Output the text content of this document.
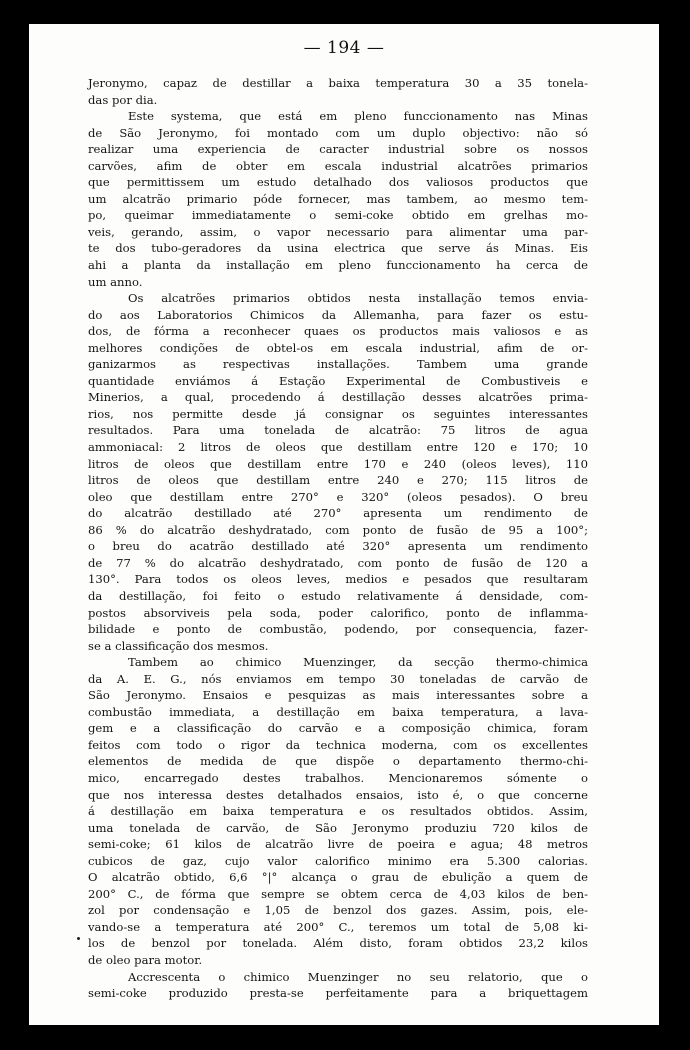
— 194 —
Jeronymo, capaz de destillar a baixa temperatura 30 a 35 tonela-
das por dia.
Este systema, que está em pleno funccionamento nas Minas
de São Jeronymo, foi montado com um duplo objectivo: não só
realizar uma experiencia de caracter industrial sobre os nossos
carvões, afim de obter em escala industrial alcatrões primarios
que permittissem um estudo detalhado dos valiosos productos que
um alcatrão primario póde fornecer, mas tambem, ao mesmo tem-
po, queimar immediatamente o semi-coke obtido em grelhas mo-
veis, gerando, assim, o vapor necessario para alimentar uma par-
te dos tubo-geradores da usina electrica que serve ás Minas. Eis
ahi a planta da installação em pleno funccionamento ha cerca de
um anno.
Os alcatrões primarios obtidos nesta installação temos envia-
do aos Laboratorios Chimicos da Allemanha, para fazer os estu-
dos, de fórma a reconhecer quaes os productos mais valiosos e as
melhores condições de obtel-os em escala industrial, afim de or-
ganizarmos as respectivas installações. Tambem uma grande
quantidade enviámos á Estação Experimental de Combustiveis e
Minerios, a qual, procedendo á destillação desses alcatrões prima-
rios, nos permitte desde já consignar os seguintes interessantes
resultados. Para uma tonelada de alcatrão: 75 litros de agua
ammoniacal: 2 litros de oleos que destillam entre 120 e 170; 10
litros de oleos que destillam entre 170 e 240 (oleos leves), 110
litros de oleos que destillam entre 240 e 270; 115 litros de
oleo que destillam entre 270° e 320° (oleos pesados). O breu
do alcatrão destillado até 270° apresenta um rendimento de
86 % do alcatrão deshydratado, com ponto de fusão de 95 a 100°;
o breu do acatrão destillado até 320° apresenta um rendimento
de 77 % do alcatrão deshydratado, com ponto de fusão de 120 a
130°. Para todos os oleos leves, medios e pesados que resultaram
da destillação, foi feito o estudo relativamente á densidade, com-
postos absorviveis pela soda, poder calorifico, ponto de inflamma-
bilidade e ponto de combustão, podendo, por consequencia, fazer-
se a classificação dos mesmos.
Tambem ao chimico Muenzinger, da secção thermo-chimica
da A. E. G., nós enviamos em tempo 30 toneladas de carvão de
São Jeronymo. Ensaios e pesquizas as mais interessantes sobre a
combustão immediata, a destillação em baixa temperatura, a lava-
gem e a classificação do carvão e a composição chimica, foram
feitos com todo o rigor da technica moderna, com os excellentes
elementos de medida de que dispõe o departamento thermo-chi-
mico, encarregado destes trabalhos. Mencionaremos sómente o
que nos interessa destes detalhados ensaios, isto é, o que concerne
á destillação em baixa temperatura e os resultados obtidos. Assim,
uma tonelada de carvão, de São Jeronymo produziu 720 kilos de
semi-coke; 61 kilos de alcatrão livre de poeira e agua; 48 metros
cubicos de gaz, cujo valor calorifico minimo era 5.300 calorias.
O alcatrão obtido, 6,6 °|° alcança o grau de ebulição a quem de
200° C., de fórma que sempre se obtem cerca de 4,03 kilos de ben-
zol por condensação e 1,05 de benzol dos gazes. Assim, pois, ele-
vando-se a temperatura até 200° C., teremos um total de 5,08 ki-
los de benzol por tonelada. Além disto, foram obtidos 23,2 kilos
de oleo para motor.
Accrescenta o chimico Muenzinger no seu relatorio, que o
semi-coke produzido presta-se perfeitamente para a briquettagem
